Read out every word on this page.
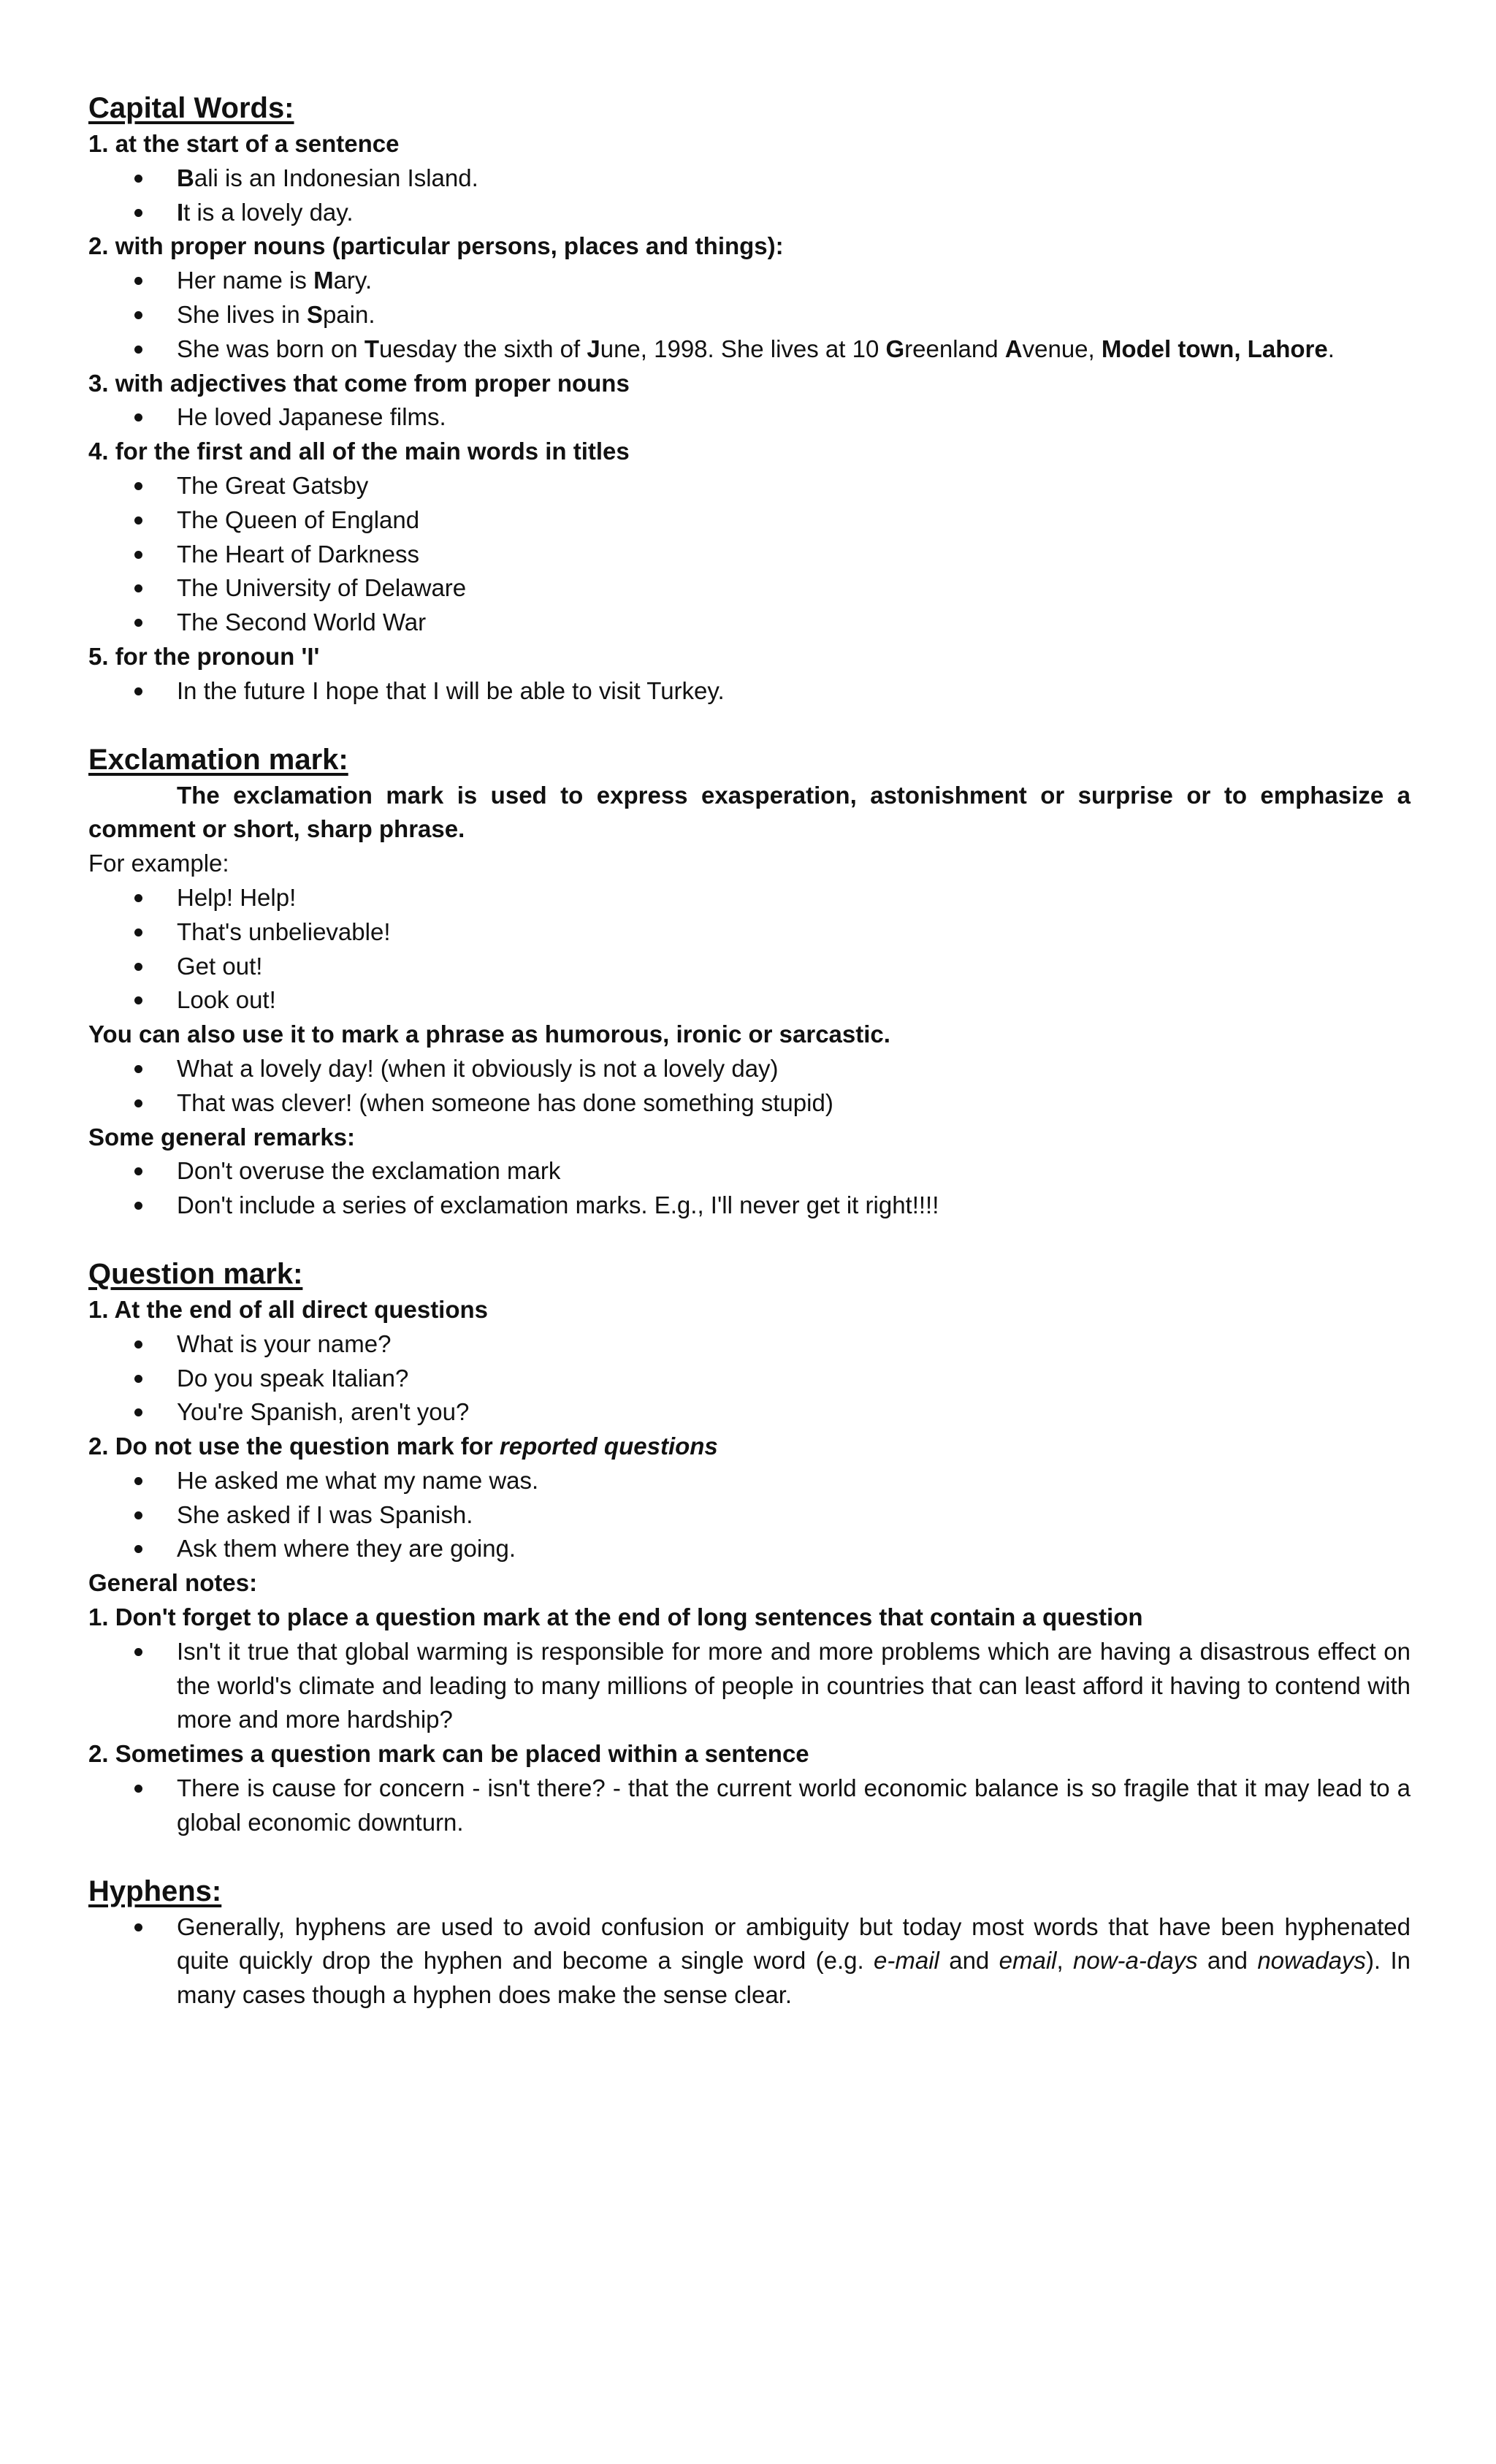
Capital Words:

1. at the start of a sentence

Bali is an Indonesian Island.
It is a lovely day.

2. with proper nouns (particular persons, places and things):

Her name is Mary.
She lives in Spain.
She was born on Tuesday the sixth of June, 1998. She lives at 10 Greenland Avenue, Model town, Lahore.

3. with adjectives that come from proper nouns

He loved Japanese films.

4. for the first and all of the main words in titles

The Great Gatsby
The Queen of England
The Heart of Darkness
The University of Delaware
The Second World War

5. for the pronoun 'I'

In the future I hope that I will be able to visit Turkey.
Exclamation mark:

The exclamation mark is used to express exasperation, astonishment or surprise or to emphasize a comment or short, sharp phrase.

For example:

Help! Help!
That's unbelievable!
Get out!
Look out!

You can also use it to mark a phrase as humorous, ironic or sarcastic.

What a lovely day! (when it obviously is not a lovely day)
That was clever! (when someone has done something stupid)

Some general remarks:

Don't overuse the exclamation mark
Don't include a series of exclamation marks. E.g., I'll never get it right!!!!
Question mark:

1. At the end of all direct questions

What is your name?
Do you speak Italian?
You're Spanish, aren't you?

2. Do not use the question mark for reported questions

He asked me what my name was.
She asked if I was Spanish.
Ask them where they are going.

General notes:

1. Don't forget to place a question mark at the end of long sentences that contain a question

Isn't it true that global warming is responsible for more and more problems which are having a disastrous effect on the world's climate and leading to many millions of people in countries that can least afford it having to contend with more and more hardship?

2. Sometimes a question mark can be placed within a sentence

There is cause for concern - isn't there? - that the current world economic balance is so fragile that it may lead to a global economic downturn.
Hyphens:
Generally, hyphens are used to avoid confusion or ambiguity but today most words that have been hyphenated quite quickly drop the hyphen and become a single word (e.g. e-mail and email, now-a-days and nowadays). In many cases though a hyphen does make the sense clear.
